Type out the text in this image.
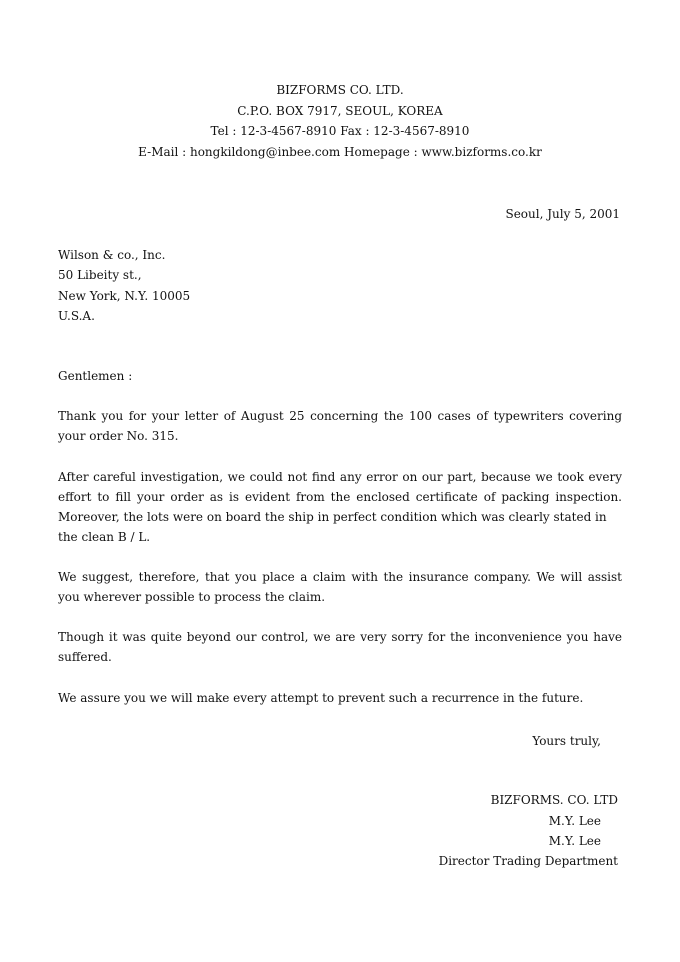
BIZFORMS CO. LTD.
C.P.O. BOX 7917, SEOUL, KOREA
Tel : 12-3-4567-8910 Fax : 12-3-4567-8910
E-Mail : hongkildong@inbee.com Homepage : www.bizforms.co.kr
Seoul, July 5, 2001
Wilson & co., Inc.
50 Libeity st.,
New York, N.Y. 10005
U.S.A.
Gentlemen :
Thank you for your letter of August 25 concerning the 100 cases of typewriters covering
your order No. 315.
After careful investigation, we could not find any error on our part, because we took every
effort to fill your order as is evident from the enclosed certificate of packing inspection.
Moreover, the lots were on board the ship in perfect condition which was clearly stated in
the clean B / L.
We suggest, therefore, that you place a claim with the insurance company. We will assist
you wherever possible to process the claim.
Though it was quite beyond our control, we are very sorry for the inconvenience you have
suffered.
We assure you we will make every attempt to prevent such a recurrence in the future.
Yours truly,
BIZFORMS. CO. LTD
M.Y. Lee
M.Y. Lee
Director Trading Department
